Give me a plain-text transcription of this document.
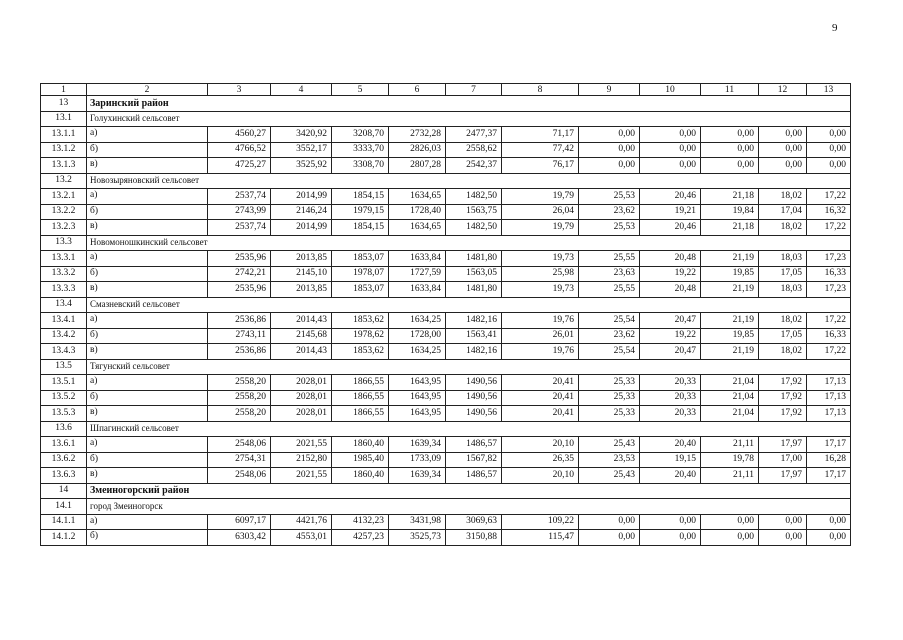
9
1	2	3	4	5	6	7	8	9	10	11	12	13
13	Заринский район											
13.1	Голухинский сельсовет											
13.1.1	а)	4560,27	3420,92	3208,70	2732,28	2477,37	71,17	0,00	0,00	0,00	0,00	0,00
13.1.2	б)	4766,52	3552,17	3333,70	2826,03	2558,62	77,42	0,00	0,00	0,00	0,00	0,00
13.1.3	в)	4725,27	3525,92	3308,70	2807,28	2542,37	76,17	0,00	0,00	0,00	0,00	0,00
13.2	Новозыряновский сельсовет											
13.2.1	а)	2537,74	2014,99	1854,15	1634,65	1482,50	19,79	25,53	20,46	21,18	18,02	17,22
13.2.2	б)	2743,99	2146,24	1979,15	1728,40	1563,75	26,04	23,62	19,21	19,84	17,04	16,32
13.2.3	в)	2537,74	2014,99	1854,15	1634,65	1482,50	19,79	25,53	20,46	21,18	18,02	17,22
13.3	Новомоношкинский сельсовет											
13.3.1	а)	2535,96	2013,85	1853,07	1633,84	1481,80	19,73	25,55	20,48	21,19	18,03	17,23
13.3.2	б)	2742,21	2145,10	1978,07	1727,59	1563,05	25,98	23,63	19,22	19,85	17,05	16,33
13.3.3	в)	2535,96	2013,85	1853,07	1633,84	1481,80	19,73	25,55	20,48	21,19	18,03	17,23
13.4	Смазневский сельсовет											
13.4.1	а)	2536,86	2014,43	1853,62	1634,25	1482,16	19,76	25,54	20,47	21,19	18,02	17,22
13.4.2	б)	2743,11	2145,68	1978,62	1728,00	1563,41	26,01	23,62	19,22	19,85	17,05	16,33
13.4.3	в)	2536,86	2014,43	1853,62	1634,25	1482,16	19,76	25,54	20,47	21,19	18,02	17,22
13.5	Тягунский сельсовет											
13.5.1	а)	2558,20	2028,01	1866,55	1643,95	1490,56	20,41	25,33	20,33	21,04	17,92	17,13
13.5.2	б)	2558,20	2028,01	1866,55	1643,95	1490,56	20,41	25,33	20,33	21,04	17,92	17,13
13.5.3	в)	2558,20	2028,01	1866,55	1643,95	1490,56	20,41	25,33	20,33	21,04	17,92	17,13
13.6	Шпагинский сельсовет											
13.6.1	а)	2548,06	2021,55	1860,40	1639,34	1486,57	20,10	25,43	20,40	21,11	17,97	17,17
13.6.2	б)	2754,31	2152,80	1985,40	1733,09	1567,82	26,35	23,53	19,15	19,78	17,00	16,28
13.6.3	в)	2548,06	2021,55	1860,40	1639,34	1486,57	20,10	25,43	20,40	21,11	17,97	17,17
14	Змеиногорский район											
14.1	город Змеиногорск											
14.1.1	а)	6097,17	4421,76	4132,23	3431,98	3069,63	109,22	0,00	0,00	0,00	0,00	0,00
14.1.2	б)	6303,42	4553,01	4257,23	3525,73	3150,88	115,47	0,00	0,00	0,00	0,00	0,00
